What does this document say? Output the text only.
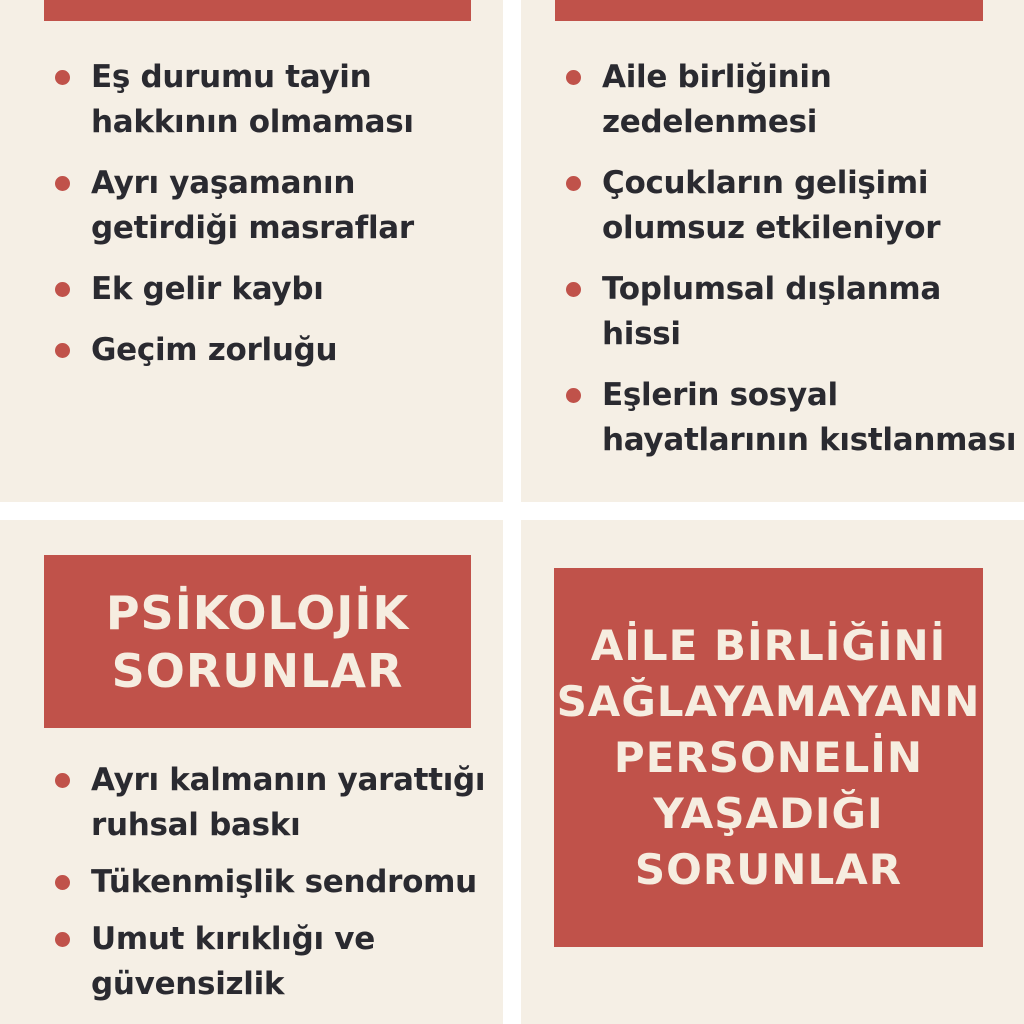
Eş durumu tayin hakkının olmaması
Ayrı yaşamanın getirdiği masraflar
Ek gelir kaybı
Geçim zorluğu
Aile birliğinin zedelenmesi
Çocukların gelişimi olumsuz etkileniyor
Toplumsal dışlanma hissi
Eşlerin sosyal hayatlarının kıstlanması
PSİKOLOJİK SORUNLAR
Ayrı kalmanın yarattığı ruhsal baskı
Tükenmişlik sendromu
Umut kırıklığı ve güvensizlik
AİLE BİRLİĞİNİ SAĞLAYAMAYANN PERSONELİN YAŞADIĞI SORUNLAR
